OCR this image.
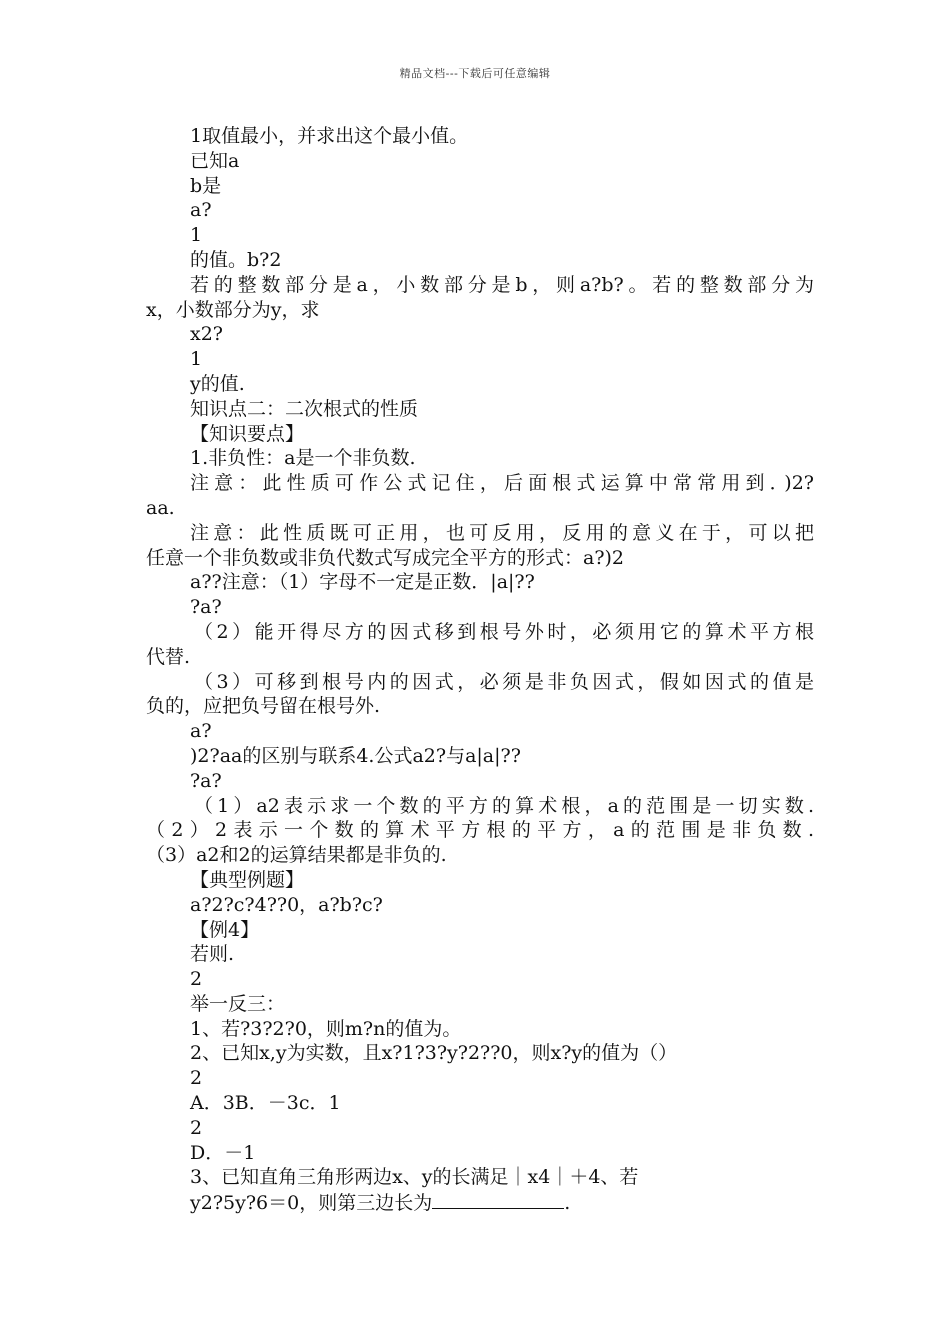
精品文档---下载后可任意编辑
1取值最小，并求出这个最小值。
已知a
b是
a?
1
的值。b?2
若的整数部分是a，小数部分是b，则a?b?。若的整数部分为
x，小数部分为y，求
x2?
1
y的值.
知识点二：二次根式的性质
【知识要点】
1.非负性：a是一个非负数.
注意：此性质可作公式记住，后面根式运算中常常用到．)2?
aa.
注意：此性质既可正用，也可反用，反用的意义在于，可以把
任意一个非负数或非负代数式写成完全平方的形式：a?)2
a??注意：（1）字母不一定是正数．|a|??
?a?
（2）能开得尽方的因式移到根号外时，必须用它的算术平方根
代替.
（3）可移到根号内的因式，必须是非负因式，假如因式的值是
负的，应把负号留在根号外.
a?
)2?aa的区别与联系4.公式a2?与a|a|??
?a?
（1）a2表示求一个数的平方的算术根，a的范围是一切实数.
（2）2表示一个数的算术平方根的平方，a的范围是非负数.
（3）a2和2的运算结果都是非负的.
【典型例题】
a?2?c?4??0，a?b?c?
【例4】
若则.
2
举一反三：
1、若?3?2?0，则m?n的值为。
2、已知x,y为实数，且x?1?3?y?2??0，则x?y的值为（）
2
A．3B．－3c．1
2
D．－1
3、已知直角三角形两边x、y的长满足｜x4｜＋4、若
y2?5y?6＝0，则第三边长为	.
